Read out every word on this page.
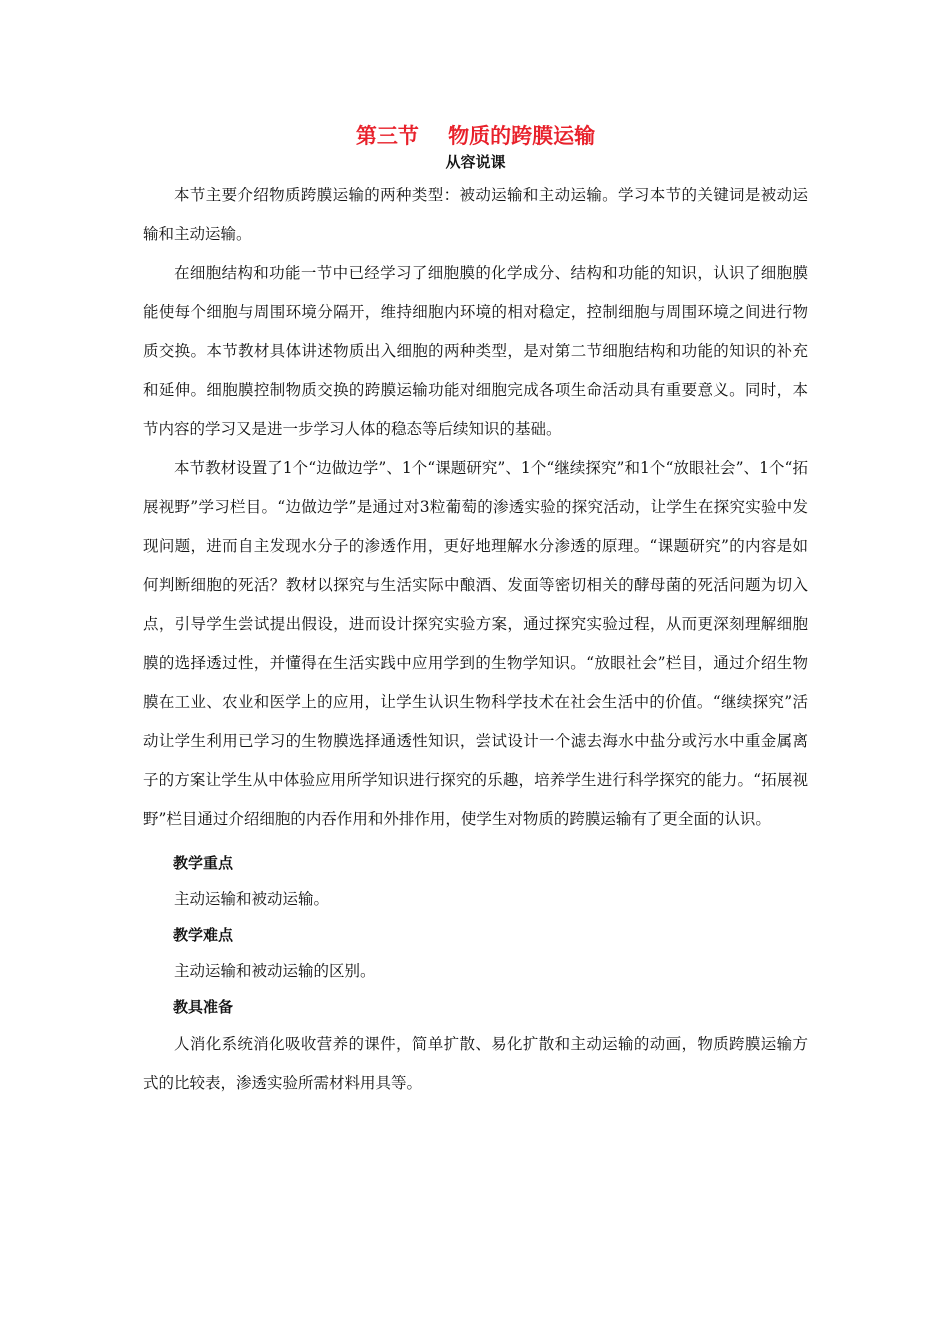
第三节    物质的跨膜运输
从容说课

本节主要介绍物质跨膜运输的两种类型：被动运输和主动运输。学习本节的关键词是被动运输和主动运输。

在细胞结构和功能一节中已经学习了细胞膜的化学成分、结构和功能的知识，认识了细胞膜能使每个细胞与周围环境分隔开，维持细胞内环境的相对稳定，控制细胞与周围环境之间进行物质交换。本节教材具体讲述物质出入细胞的两种类型，是对第二节细胞结构和功能的知识的补充和延伸。细胞膜控制物质交换的跨膜运输功能对细胞完成各项生命活动具有重要意义。同时，本节内容的学习又是进一步学习人体的稳态等后续知识的基础。

本节教材设置了1个“边做边学”、1个“课题研究”、1个“继续探究”和1个“放眼社会”、1个“拓展视野”学习栏目。“边做边学”是通过对3粒葡萄的渗透实验的探究活动，让学生在探究实验中发现问题，进而自主发现水分子的渗透作用，更好地理解水分渗透的原理。“课题研究”的内容是如何判断细胞的死活？教材以探究与生活实际中酿酒、发面等密切相关的酵母菌的死活问题为切入点，引导学生尝试提出假设，进而设计探究实验方案，通过探究实验过程，从而更深刻理解细胞膜的选择透过性，并懂得在生活实践中应用学到的生物学知识。“放眼社会”栏目，通过介绍生物膜在工业、农业和医学上的应用，让学生认识生物科学技术在社会生活中的价值。“继续探究”活动让学生利用已学习的生物膜选择通透性知识，尝试设计一个滤去海水中盐分或污水中重金属离子的方案让学生从中体验应用所学知识进行探究的乐趣，培养学生进行科学探究的能力。“拓展视野”栏目通过介绍细胞的内吞作用和外排作用，使学生对物质的跨膜运输有了更全面的认识。

教学重点
主动运输和被动运输。
教学难点
主动运输和被动运输的区别。
教具准备

人消化系统消化吸收营养的课件，简单扩散、易化扩散和主动运输的动画，物质跨膜运输方式的比较表，渗透实验所需材料用具等。
